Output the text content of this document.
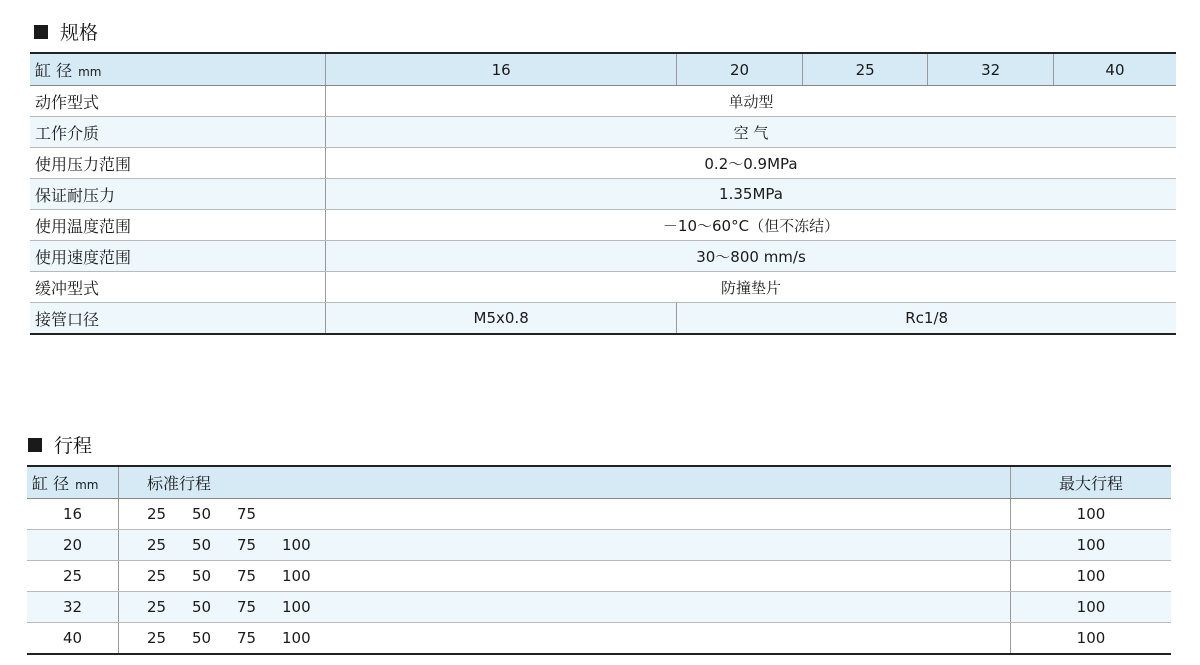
规格
缸 径 mm	16	20	25	32	40
动作型式	单动型				
工作介质	空 气				
使用压力范围	0.2～0.9MPa				
保证耐压力	1.35MPa				
使用温度范围	－10～60°C（但不冻结）				
使用速度范围	30～800 mm/s				
缓冲型式	防撞垫片				
接管口径	M5x0.8	Rc1/8			
行程
缸 径 mm	标准行程	最大行程
16	25 50 75	100
20	25 50 75 100	100
25	25 50 75 100	100
32	25 50 75 100	100
40	25 50 75 100	100
